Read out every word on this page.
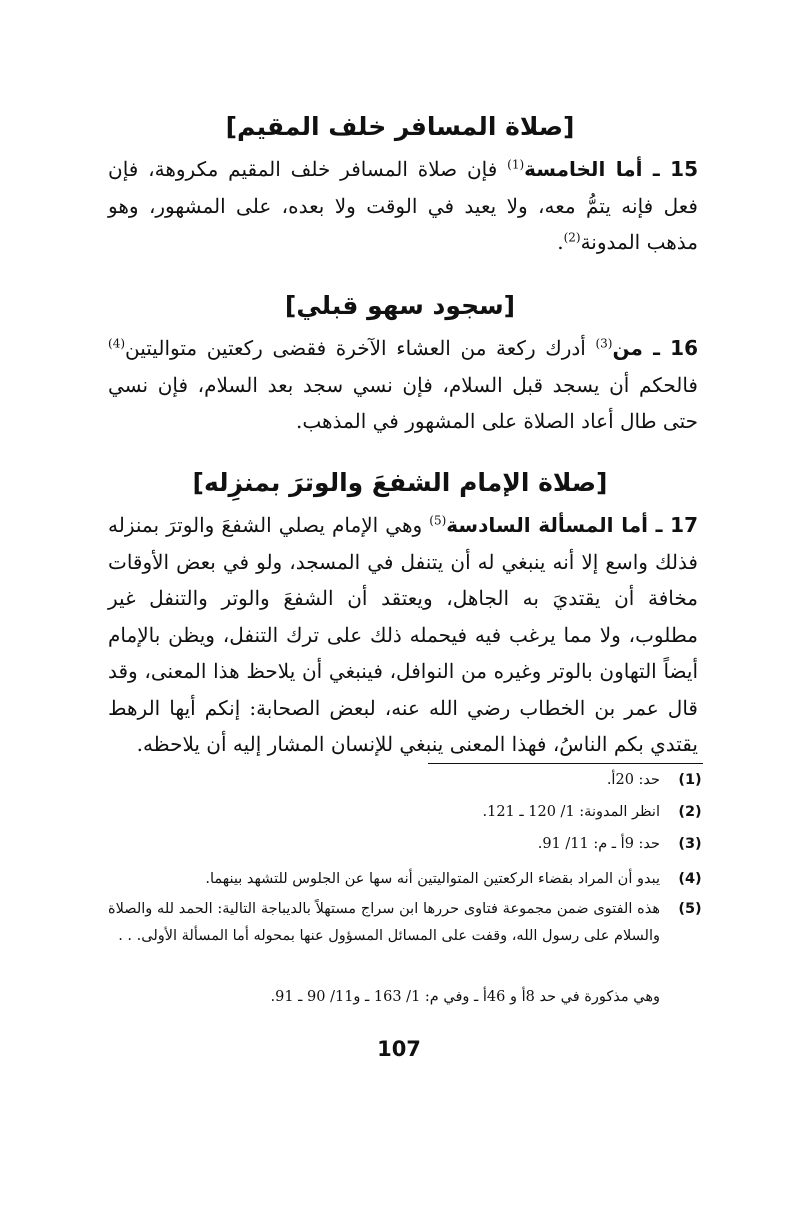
[صلاة المسافر خلف المقيم]
15 ـ أما الخامسة$^{(1)}$ فإن صلاة المسافر خلف المقيم مكروهة، فإن فعل فإنه يتمُّ معه، ولا يعيد في الوقت ولا بعده، على المشهور، وهو مذهب المدونة$^{(2)}$.
[سجود سهو قبلي]
16 ـ من$^{(3)}$ أدرك ركعة من العشاء الآخرة فقضى ركعتين متواليتين$^{(4)}$ فالحكم أن يسجد قبل السلام، فإن نسي سجد بعد السلام، فإن نسي حتى طال أعاد الصلاة على المشهور في المذهب.
[صلاة الإمام الشفعَ والوترَ بمنزِله]
17 ـ أما المسألة السادسة$^{(5)}$ وهي الإمام يصلي الشفعَ والوترَ بمنزله فذلك واسع إلا أنه ينبغي له أن يتنفل في المسجد، ولو في بعض الأوقات مخافة أن يقتديَ به الجاهل، ويعتقد أن الشفعَ والوتر والتنفل غير مطلوب، ولا مما يرغب فيه فيحمله ذلك على ترك التنفل، ويظن بالإمام أيضاً التهاون بالوتر وغيره من النوافل، فينبغي أن يلاحظ هذا المعنى، وقد قال عمر بن الخطاب رضي الله عنه، لبعض الصحابة: إنكم أيها الرهط يقتدي بكم الناسُ، فهذا المعنى ينبغي للإنسان المشار إليه أن يلاحظه.
(1)
حد: 20أ.
(2)
انظر المدونة: 1/ 120 ـ 121.
(3)
حد: 9أ ـ م: 11/ 91.
(4)
يبدو أن المراد بقضاء الركعتين المتواليتين أنه سها عن الجلوس للتشهد بينهما.
(5)
هذه الفتوى ضمن مجموعة فتاوى حررها ابن سراج مستهلاً بالديباجة التالية: الحمد لله والصلاة والسلام على رسول الله، وقفت على المسائل المسؤول عنها بمحوله أما المسألة الأولى. . .
وهي مذكورة في حد 8أ و 46أ ـ وفي م: 1/ 163 ـ و11/ 90 ـ 91.
107
